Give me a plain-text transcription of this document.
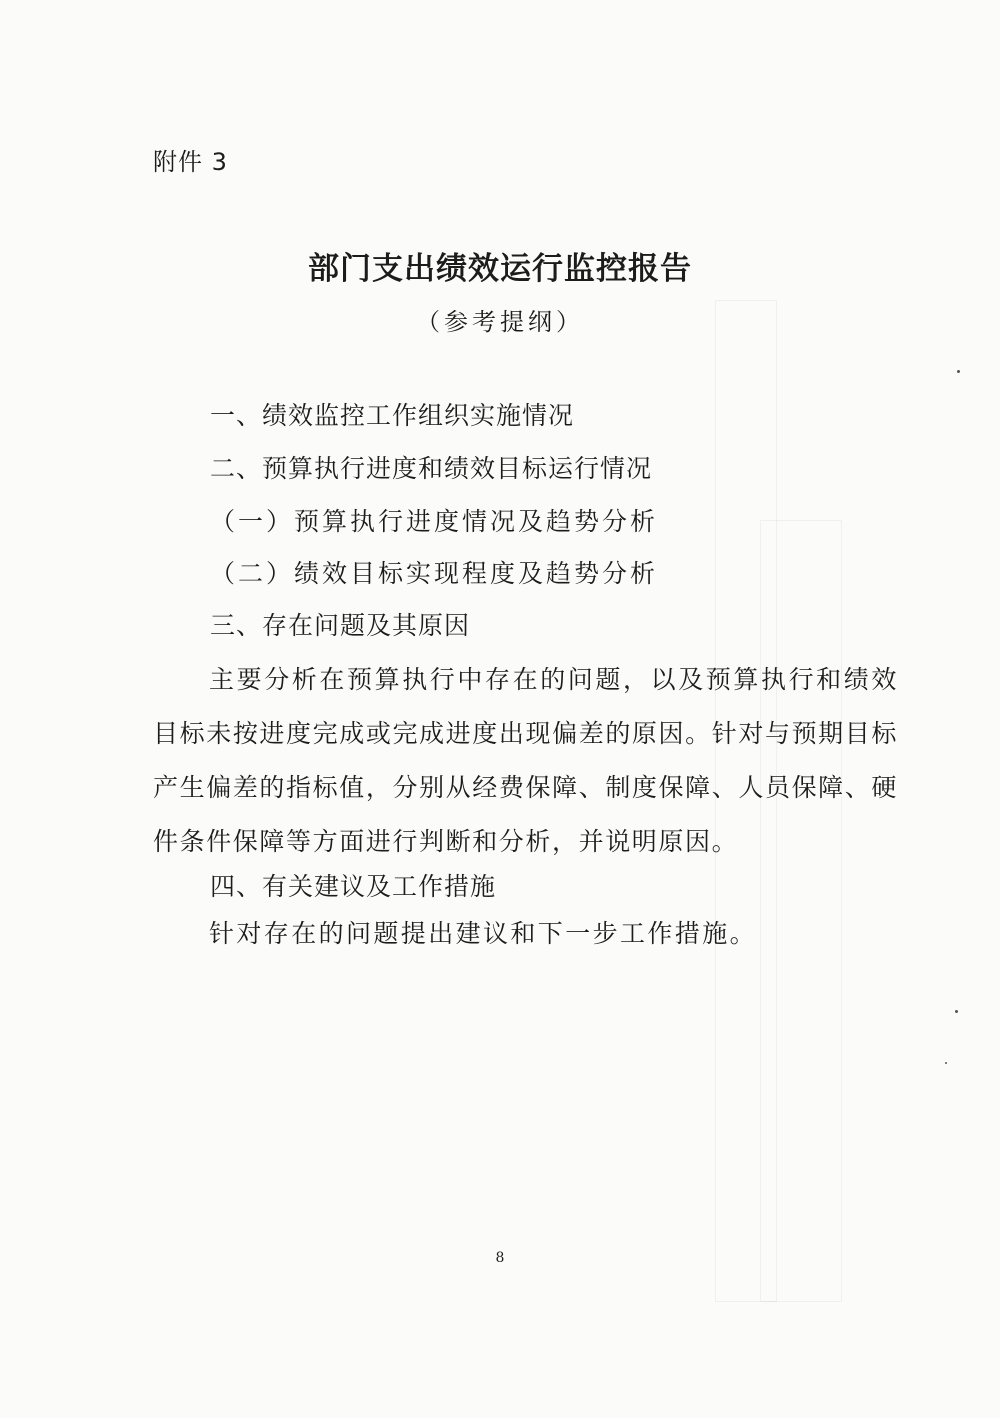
附件 3
部门支出绩效运行监控报告
（参考提纲）
一、绩效监控工作组织实施情况
二、预算执行进度和绩效目标运行情况
（一）预算执行进度情况及趋势分析
（二）绩效目标实现程度及趋势分析
三、存在问题及其原因

主要分析在预算执行中存在的问题，以及预算执行和绩效目标未按进度完成或完成进度出现偏差的原因。针对与预期目标产生偏差的指标值，分别从经费保障、制度保障、人员保障、硬件条件保障等方面进行判断和分析，并说明原因。

四、有关建议及工作措施
针对存在的问题提出建议和下一步工作措施。
8
